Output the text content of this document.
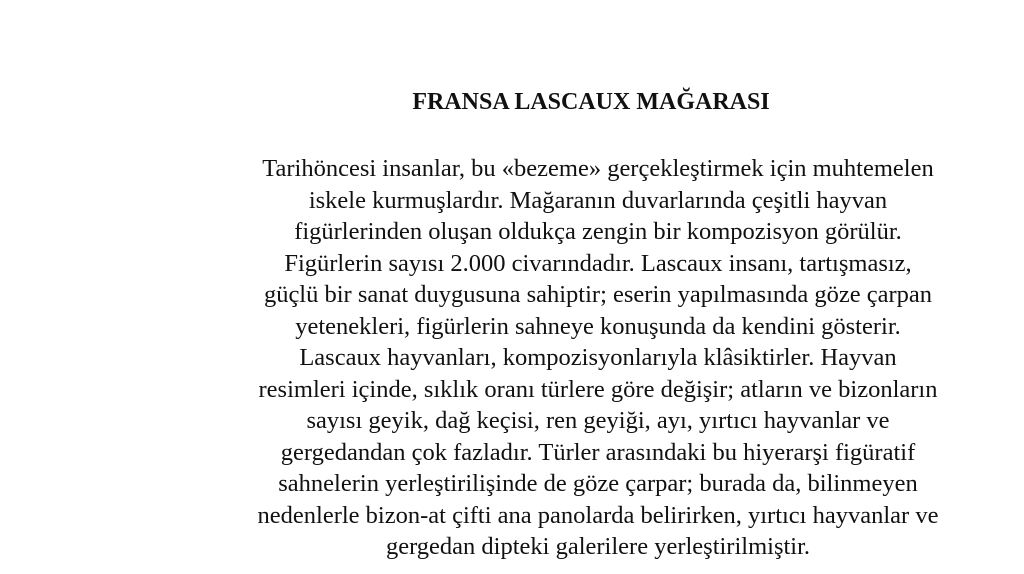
FRANSA LASCAUX MAĞARASI
Tarihöncesi insanlar, bu «bezeme» gerçekleştirmek için muhtemelen
iskele kurmuşlardır. Mağaranın duvarlarında çeşitli hayvan
figürlerinden oluşan oldukça zengin bir kompozisyon görülür.
Figürlerin sayısı 2.000 civarındadır. Lascaux insanı, tartışmasız,
güçlü bir sanat duygusuna sahiptir; eserin yapılmasında göze çarpan
yetenekleri, figürlerin sahneye konuşunda da kendini gösterir.
Lascaux hayvanları, kompozisyonlarıyla klâsiktirler. Hayvan
resimleri içinde, sıklık oranı türlere göre değişir; atların ve bizonların
sayısı geyik, dağ keçisi, ren geyiği, ayı, yırtıcı hayvanlar ve
gergedandan çok fazladır. Türler arasındaki bu hiyerarşi figüratif
sahnelerin yerleştirilişinde de göze çarpar; burada da, bilinmeyen
nedenlerle bizon-at çifti ana panolarda belirirken, yırtıcı hayvanlar ve
gergedan dipteki galerilere yerleştirilmiştir.
